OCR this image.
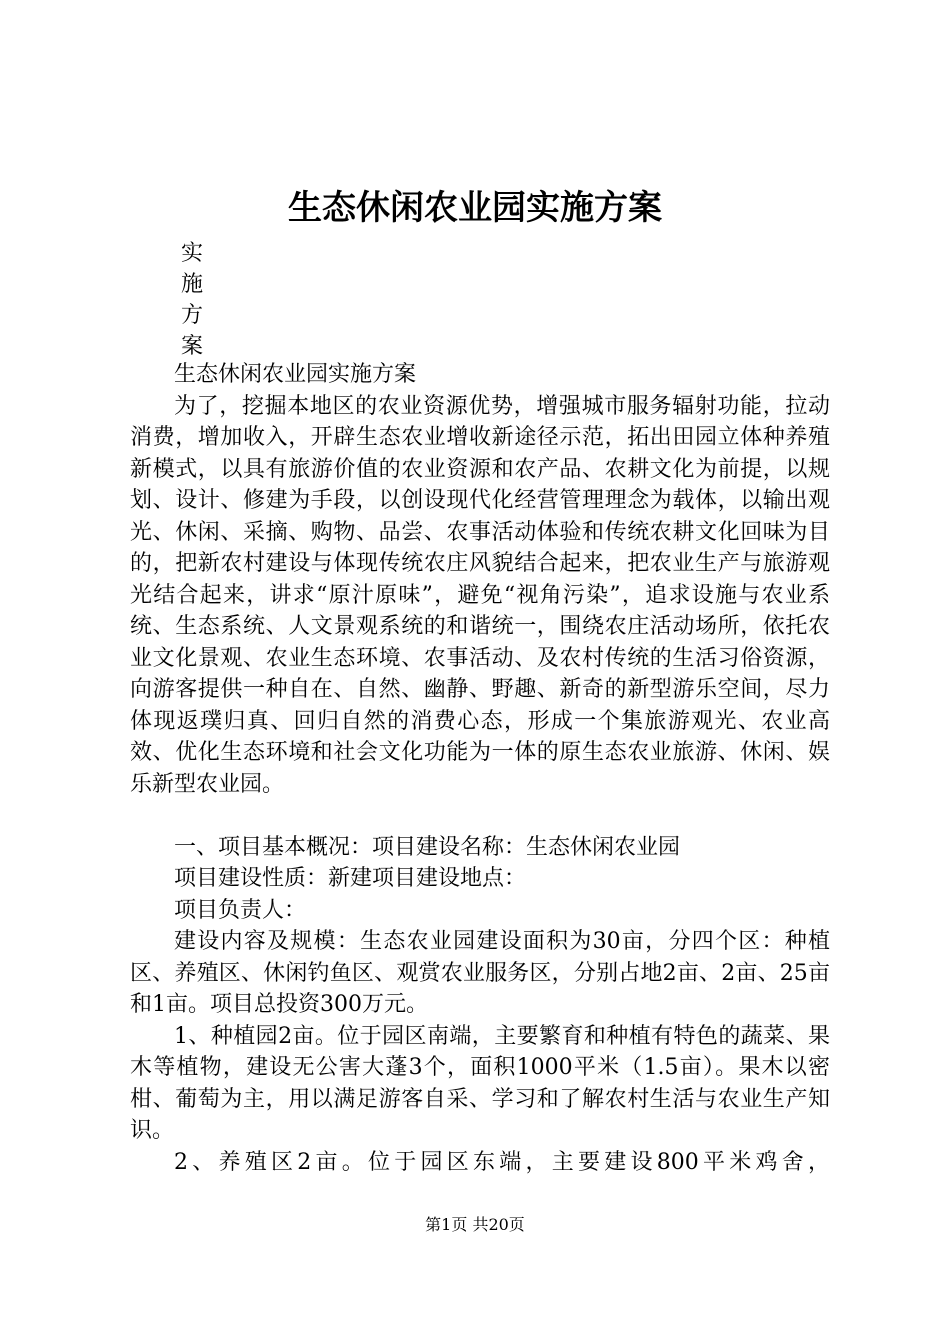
生态休闲农业园实施方案
实
施
方
案

生态休闲农业园实施方案

为了，挖掘本地区的农业资源优势，增强城市服务辐射功能，拉动消费，增加收入，开辟生态农业增收新途径示范，拓出田园立体种养殖新模式，以具有旅游价值的农业资源和农产品、农耕文化为前提，以规划、设计、修建为手段，以创设现代化经营管理理念为载体，以输出观光、休闲、采摘、购物、品尝、农事活动体验和传统农耕文化回味为目的，把新农村建设与体现传统农庄风貌结合起来，把农业生产与旅游观光结合起来，讲求“原汁原味”，避免“视角污染”，追求设施与农业系统、生态系统、人文景观系统的和谐统一，围绕农庄活动场所，依托农业文化景观、农业生态环境、农事活动、及农村传统的生活习俗资源，向游客提供一种自在、自然、幽静、野趣、新奇的新型游乐空间，尽力体现返璞归真、回归自然的消费心态，形成一个集旅游观光、农业高效、优化生态环境和社会文化功能为一体的原生态农业旅游、休闲、娱乐新型农业园。

一、项目基本概况：项目建设名称：生态休闲农业园

项目建设性质：新建项目建设地点：

项目负责人：

建设内容及规模：生态农业园建设面积为30亩，分四个区：种植区、养殖区、休闲钓鱼区、观赏农业服务区，分别占地2亩、2亩、25亩和1亩。项目总投资300万元。

1、种植园2亩。位于园区南端，主要繁育和种植有特色的蔬菜、果木等植物，建设无公害大蓬3个，面积1000平米（1.5亩）。果木以密柑、葡萄为主，用以满足游客自采、学习和了解农村生活与农业生产知识。

2、养殖区2亩。位于园区东端，主要建设800平米鸡舍，

第1页 共20页
